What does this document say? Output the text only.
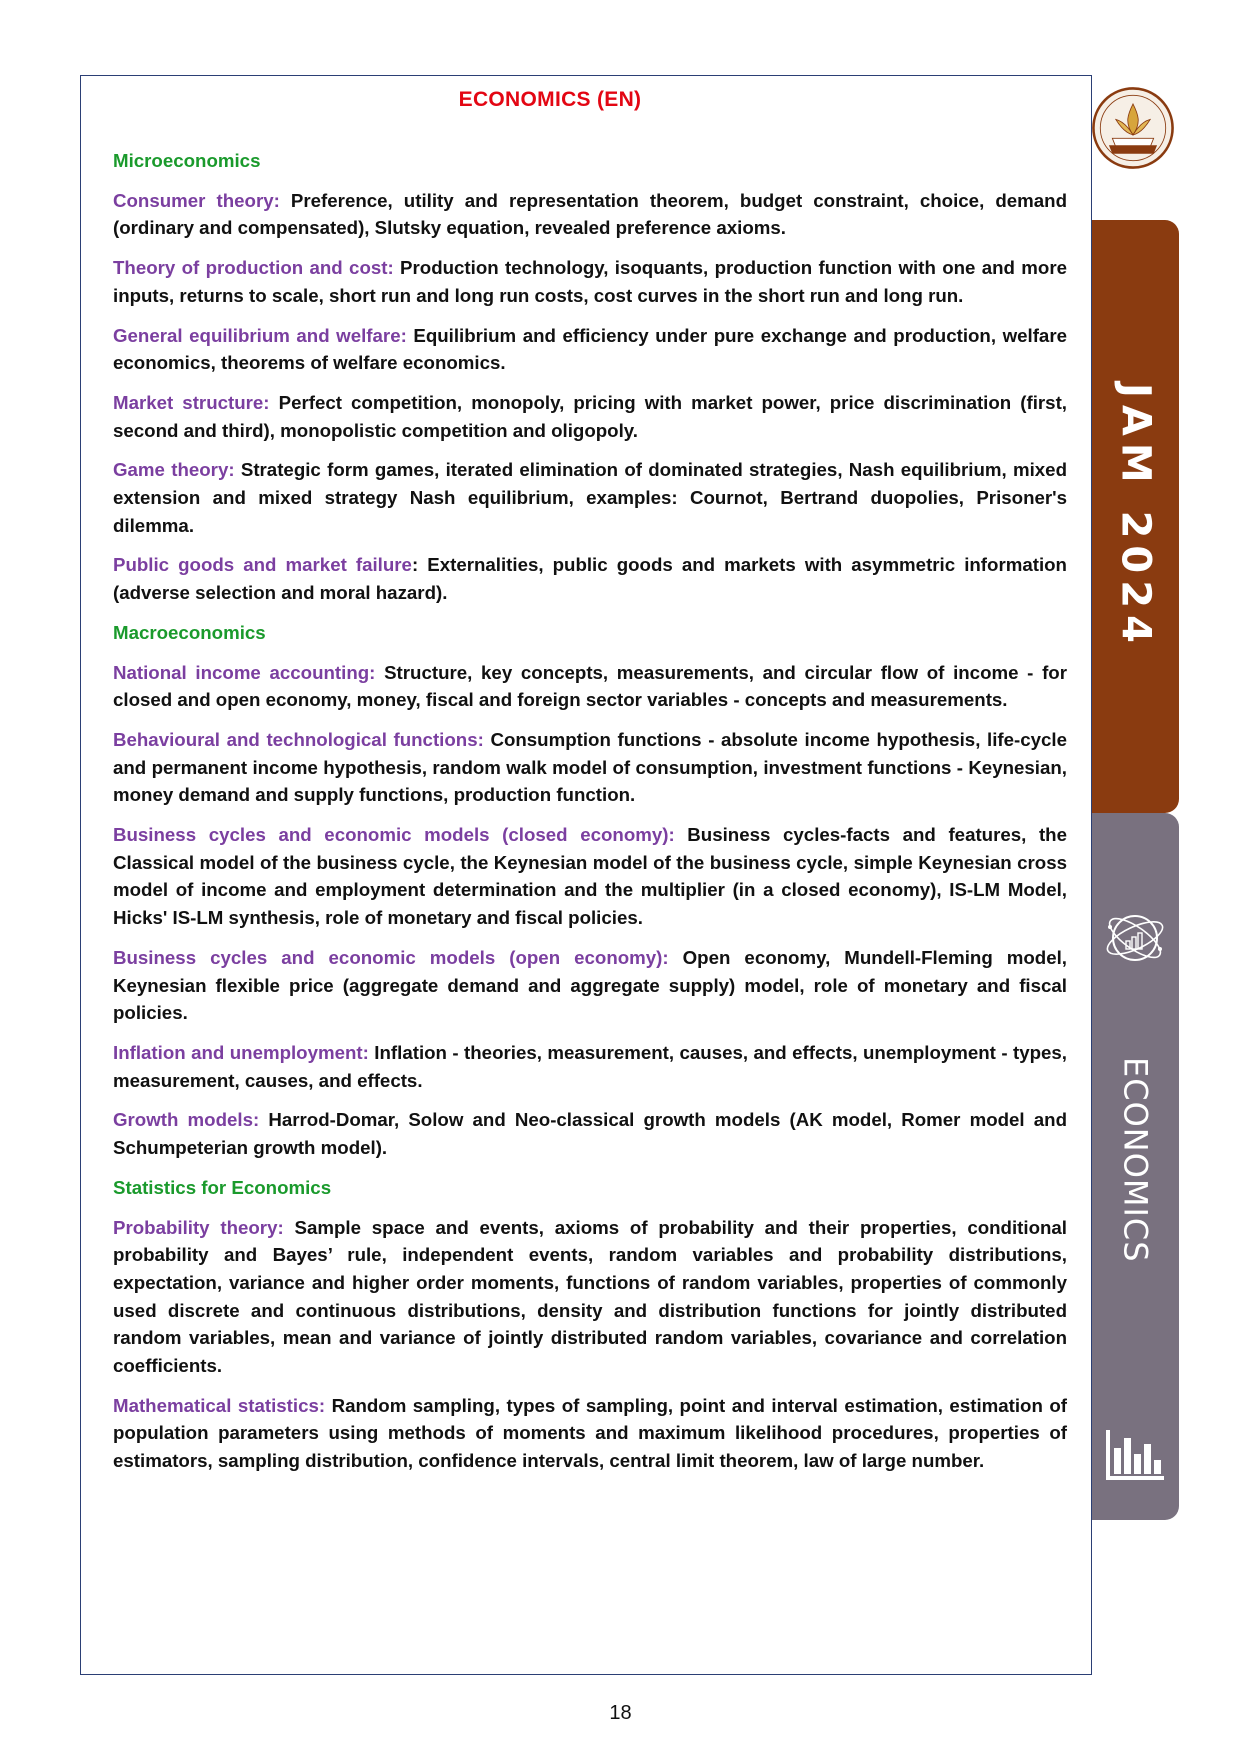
ECONOMICS (EN)
Microeconomics
Consumer theory: Preference, utility and representation theorem, budget constraint, choice, demand (ordinary and compensated), Slutsky equation, revealed preference axioms.
Theory of production and cost: Production technology, isoquants, production function with one and more inputs, returns to scale, short run and long run costs, cost curves in the short run and long run.
General equilibrium and welfare: Equilibrium and efficiency under pure exchange and production, welfare economics, theorems of welfare economics.
Market structure: Perfect competition, monopoly, pricing with market power, price discrimination (first, second and third), monopolistic competition and oligopoly.
Game theory: Strategic form games, iterated elimination of dominated strategies, Nash equilibrium, mixed extension and mixed strategy Nash equilibrium, examples: Cournot, Bertrand duopolies, Prisoner's dilemma.
Public goods and market failure: Externalities, public goods and markets with asymmetric information (adverse selection and moral hazard).
Macroeconomics
National income accounting: Structure, key concepts, measurements, and circular flow of income - for closed and open economy, money, fiscal and foreign sector variables - concepts and measurements.
Behavioural and technological functions: Consumption functions - absolute income hypothesis, life-cycle and permanent income hypothesis, random walk model of consumption, investment functions - Keynesian, money demand and supply functions, production function.
Business cycles and economic models (closed economy): Business cycles-facts and features, the Classical model of the business cycle, the Keynesian model of the business cycle, simple Keynesian cross model of income and employment determination and the multiplier (in a closed economy), IS-LM Model, Hicks' IS-LM synthesis, role of monetary and fiscal policies.
Business cycles and economic models (open economy): Open economy, Mundell-Fleming model, Keynesian flexible price (aggregate demand and aggregate supply) model, role of monetary and fiscal policies.
Inflation and unemployment: Inflation - theories, measurement, causes, and effects, unemployment - types, measurement, causes, and effects.
Growth models: Harrod-Domar, Solow and Neo-classical growth models (AK model, Romer model and Schumpeterian growth model).
Statistics for Economics
Probability theory: Sample space and events, axioms of probability and their properties, conditional probability and Bayes’ rule, independent events, random variables and probability distributions, expectation, variance and higher order moments, functions of random variables, properties of commonly used discrete and continuous distributions, density and distribution functions for jointly distributed random variables, mean and variance of jointly distributed random variables, covariance and correlation coefficients.
Mathematical statistics: Random sampling, types of sampling, point and interval estimation, estimation of population parameters using methods of moments and maximum likelihood procedures, properties of estimators, sampling distribution, confidence intervals, central limit theorem, law of large number.
JAM 2024
ECONOMICS
18
